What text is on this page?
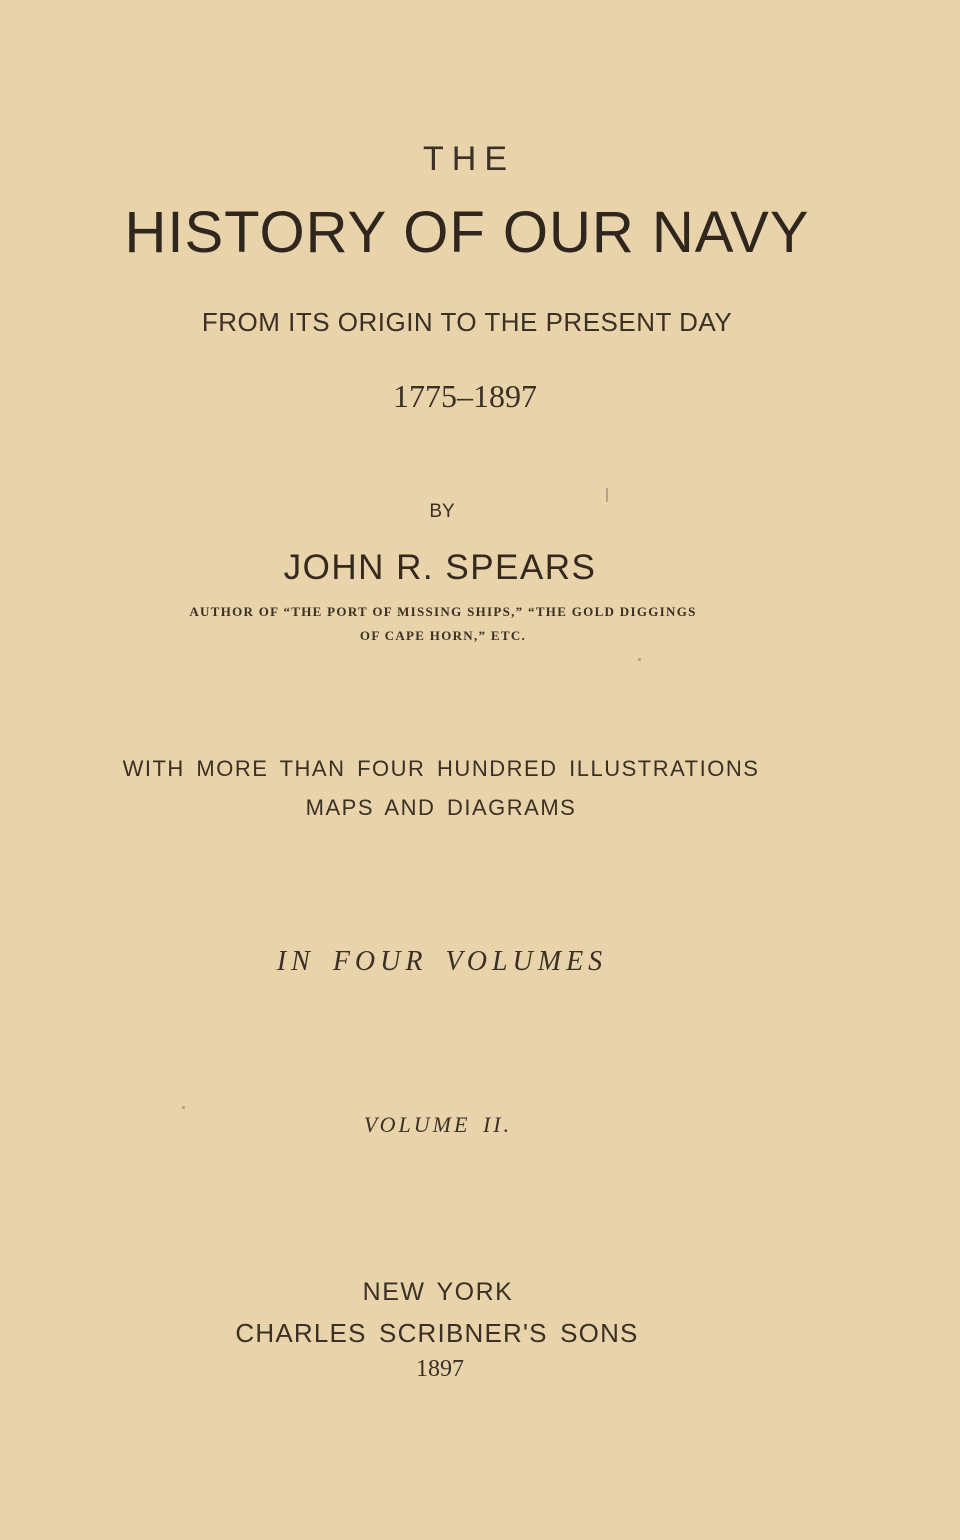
THE
HISTORY OF OUR NAVY
FROM ITS ORIGIN TO THE PRESENT DAY
1775–1897
BY
JOHN R. SPEARS
AUTHOR OF “THE PORT OF MISSING SHIPS,” “THE GOLD DIGGINGS
OF CAPE HORN,” ETC.
WITH MORE THAN FOUR HUNDRED ILLUSTRATIONS
MAPS AND DIAGRAMS
IN FOUR VOLUMES
VOLUME II.
NEW YORK
CHARLES SCRIBNER'S SONS
1897
